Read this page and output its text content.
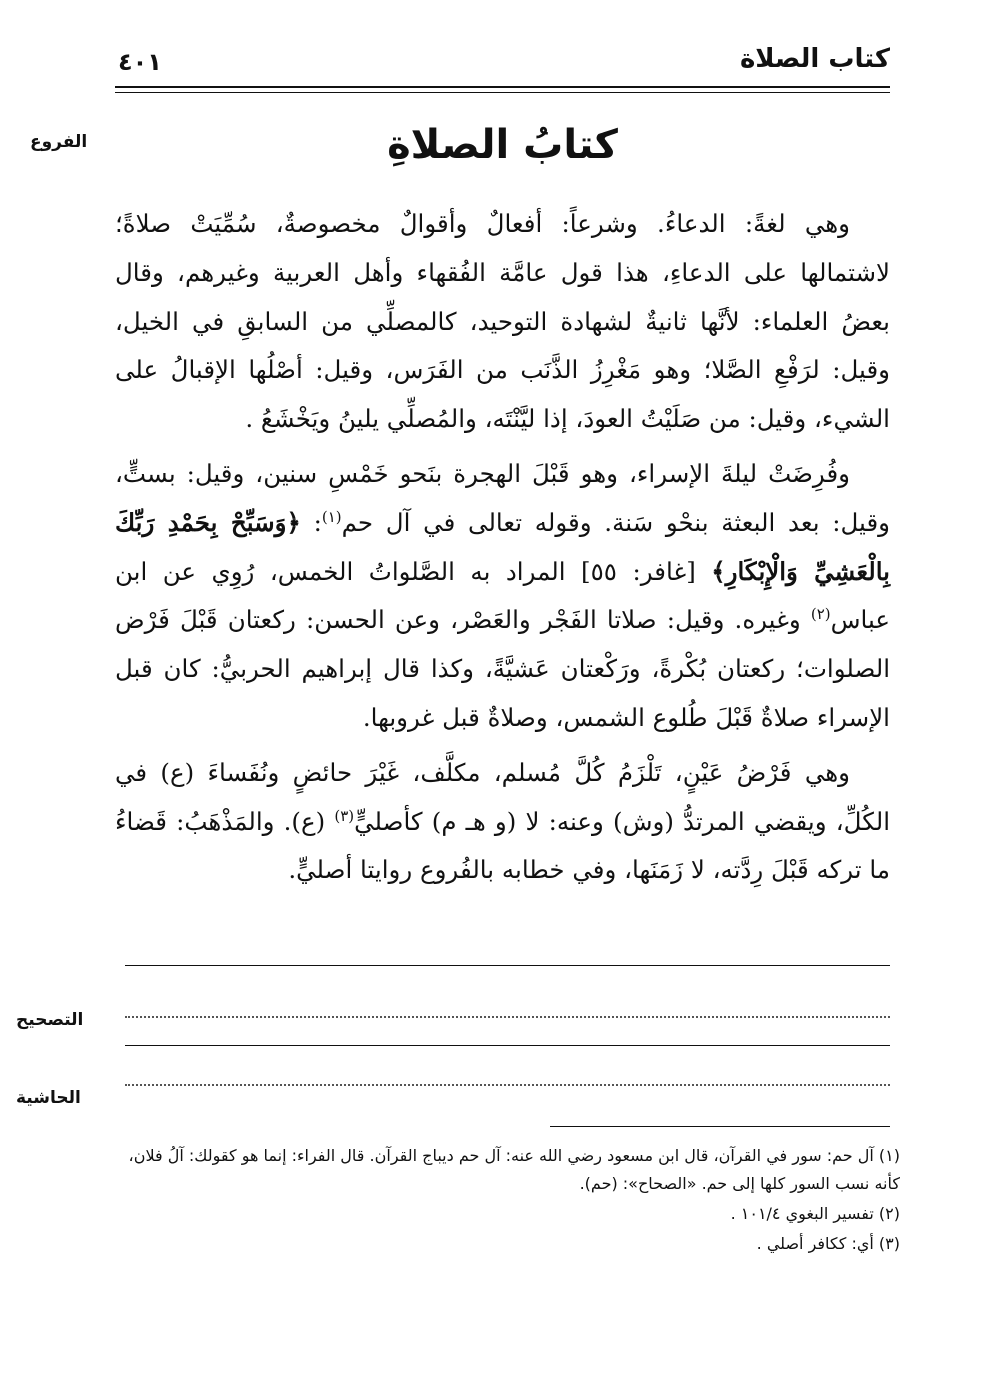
كتاب الصلاة
٤٠١
الفروع	كتابُ الصلاةِ

وهي لغةً: الدعاءُ. وشرعاً: أفعالٌ وأقوالٌ مخصوصةٌ، سُمِّيَتْ صلاةً؛ لاشتمالها على الدعاءِ، هذا قول عامَّة الفُقهاء وأهل العربية وغيرهم، وقال بعضُ العلماء: لأنَّها ثانيةٌ لشهادة التوحيد، كالمصلِّي من السابقِ في الخيل، وقيل: لرَفْعِ الصَّلا؛ وهو مَغْرِزُ الذَّنَب من الفَرَس، وقيل: أصْلُها الإقبالُ على الشيء، وقيل: من صَلَيْتُ العودَ، إذا ليَّنْتَه، والمُصلِّي يلينُ ويَخْشَعُ .

وفُرِضَتْ ليلةَ الإسراء، وهو قَبْلَ الهجرة بنَحو خَمْسِ سنين، وقيل: بستٍّ، وقيل: بعد البعثة بنحْو سَنة. وقوله تعالى في آل حم$^{(١)}$: ﴿وَسَبِّحْ بِحَمْدِ رَبِّكَ بِالْعَشِيِّ وَالْإِبْكَارِ﴾ [غافر: ٥٥] المراد به الصَّلواتُ الخمس، رُوِي عن ابن عباس$^{(٢)}$ وغيره. وقيل: صلاتا الفَجْر والعَصْر، وعن الحسن: ركعتان قَبْلَ فَرْض الصلوات؛ ركعتان بُكْرةً، ورَكْعتان عَشيَّةً، وكذا قال إبراهيم الحربيُّ: كان قبل الإسراء صلاةٌ قَبْلَ طُلوع الشمس، وصلاةٌ قبل غروبها.

وهي فَرْضُ عَيْنٍ، تَلْزَمُ كُلَّ مُسلم، مكلَّف، غَيْرَ حائضٍ ونُفَساءَ (ع) في الكُلِّ، ويقضي المرتدُّ (وش) وعنه: لا (و هـ م) كأصليٍّ$^{(٣)}$ (ع). والمَذْهَبُ: قَضاءُ ما تركه قَبْلَ رِدَّته، لا زَمَنَها، وفي خطابه بالفُروع روايتا أصليٍّ.

التصحيح
الحاشية
(١) آل حم: سور في القرآن، قال ابن مسعود رضي الله عنه: آل حم ديباج القرآن. قال الفراء: إنما هو كقولك: آلُ فلان، كأنه نسب السور كلها إلى حم. «الصحاح»: (حم).
(٢) تفسير البغوي ١٠١/٤ .
(٣) أي: ككافر أصلي .
